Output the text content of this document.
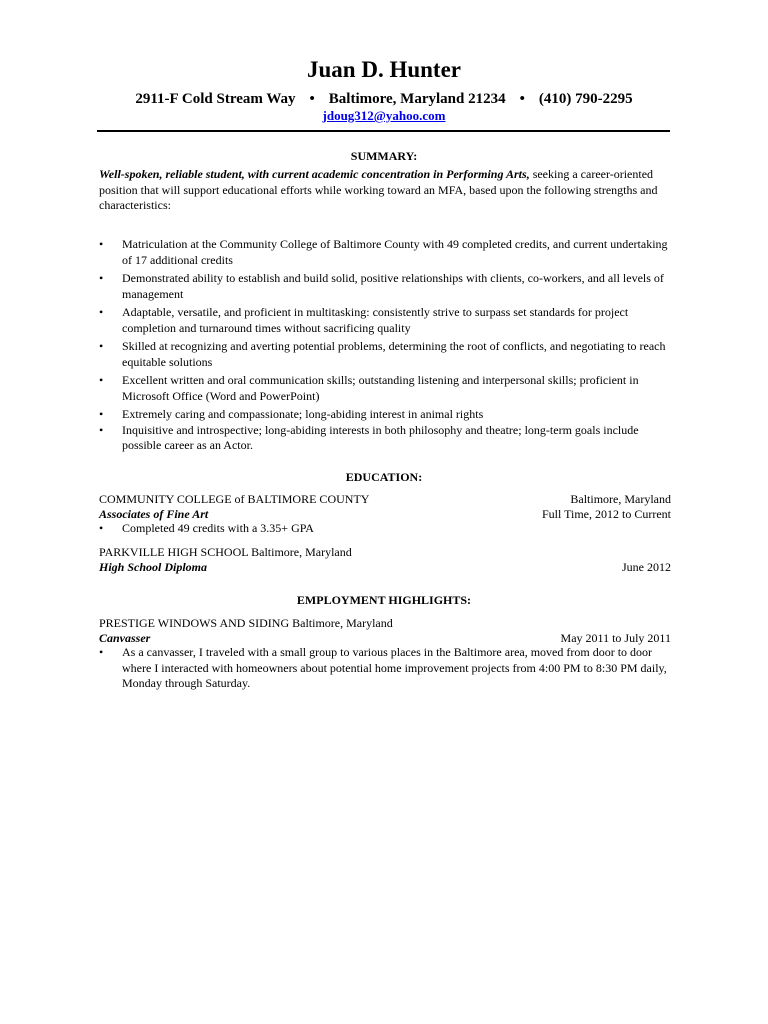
Juan D. Hunter
2911-F Cold Stream Way • Baltimore, Maryland 21234 • (410) 790-2295
jdoug312@yahoo.com
SUMMARY:
Well-spoken, reliable student, with current academic concentration in Performing Arts, seeking a career-oriented position that will support educational efforts while working toward an MFA, based upon the following strengths and characteristics:
• Matriculation at the Community College of Baltimore County with 49 completed credits, and current undertaking of 17 additional credits
• Demonstrated ability to establish and build solid, positive relationships with clients, co-workers, and all levels of management
• Adaptable, versatile, and proficient in multitasking: consistently strive to surpass set standards for project completion and turnaround times without sacrificing quality
• Skilled at recognizing and averting potential problems, determining the root of conflicts, and negotiating to reach equitable solutions
• Excellent written and oral communication skills; outstanding listening and interpersonal skills; proficient in Microsoft Office (Word and PowerPoint)
• Extremely caring and compassionate; long-abiding interest in animal rights
• Inquisitive and introspective; long-abiding interests in both philosophy and theatre; long-term goals include possible career as an Actor.
EDUCATION:
COMMUNITY COLLEGE of BALTIMORE COUNTY	Baltimore, Maryland
Associates of Fine Art	Full Time, 2012 to Current
• Completed 49 credits with a 3.35+ GPA
PARKVILLE HIGH SCHOOL Baltimore, Maryland
High School Diploma	June 2012
EMPLOYMENT HIGHLIGHTS:
PRESTIGE WINDOWS AND SIDING Baltimore, Maryland
Canvasser	May 2011 to July 2011
• As a canvasser, I traveled with a small group to various places in the Baltimore area, moved from door to door where I interacted with homeowners about potential home improvement projects from 4:00 PM to 8:30 PM daily, Monday through Saturday.
